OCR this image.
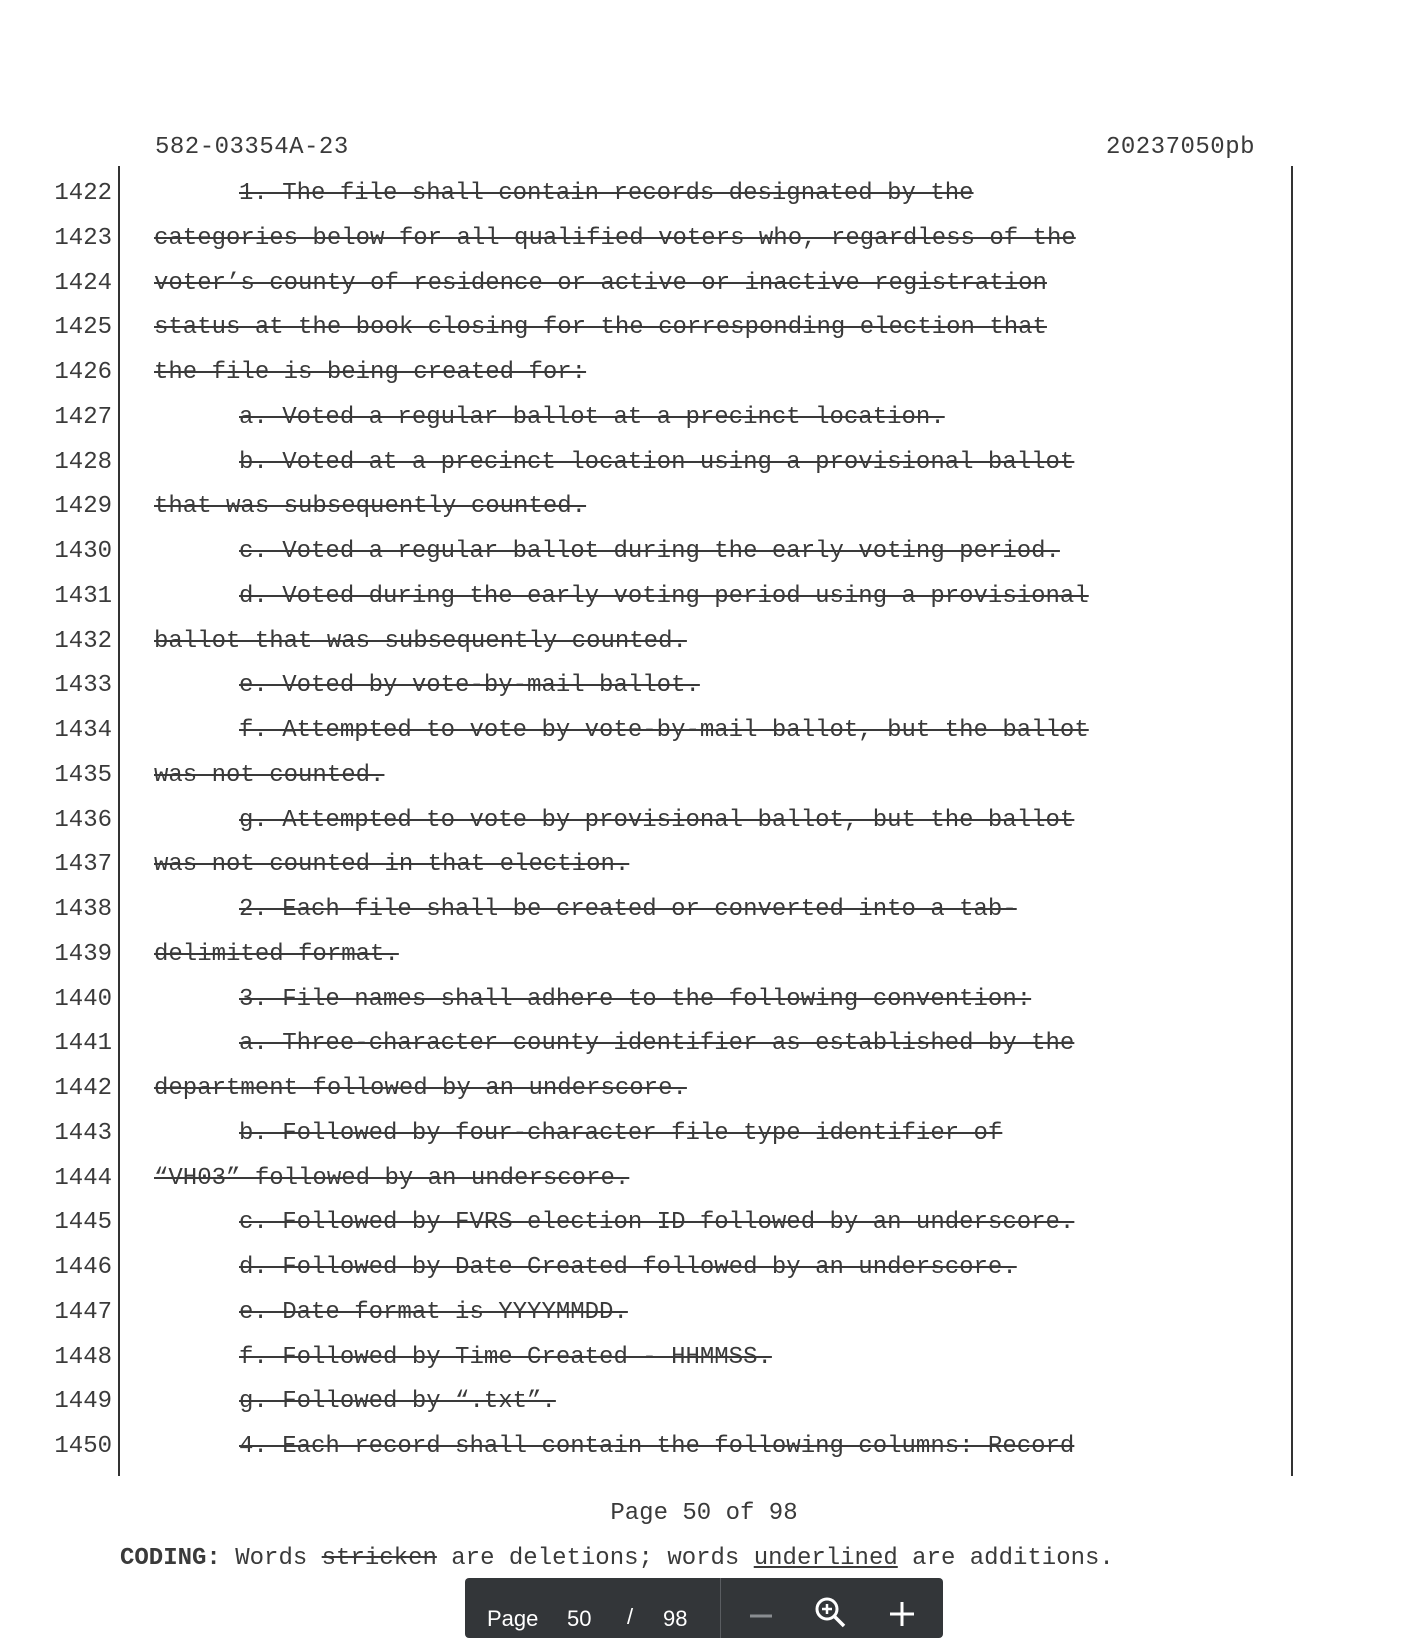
582-03354A-23	20237050pb
1422	1. The file shall contain records designated by the
1423 categories below for all qualified voters who, regardless of the
1424 voter’s county of residence or active or inactive registration
1425 status at the book closing for the corresponding election that
1426 the file is being created for:
1427	a. Voted a regular ballot at a precinct location.
1428	b. Voted at a precinct location using a provisional ballot
1429 that was subsequently counted.
1430	c. Voted a regular ballot during the early voting period.
1431	d. Voted during the early voting period using a provisional
1432 ballot that was subsequently counted.
1433	e. Voted by vote-by-mail ballot.
1434	f. Attempted to vote by vote-by-mail ballot, but the ballot
1435 was not counted.
1436	g. Attempted to vote by provisional ballot, but the ballot
1437 was not counted in that election.
1438	2. Each file shall be created or converted into a tab-
1439 delimited format.
1440	3. File names shall adhere to the following convention:
1441	a. Three-character county identifier as established by the
1442 department followed by an underscore.
1443	b. Followed by four-character file type identifier of
1444 “VH03” followed by an underscore.
1445	c. Followed by FVRS election ID followed by an underscore.
1446	d. Followed by Date Created followed by an underscore.
1447	e. Date format is YYYYMMDD.
1448	f. Followed by Time Created - HHMMSS.
1449	g. Followed by “.txt”.
1450	4. Each record shall contain the following columns: Record
Page 50 of 98
CODING: Words stricken are deletions; words underlined are additions.
Page 50 / 98
